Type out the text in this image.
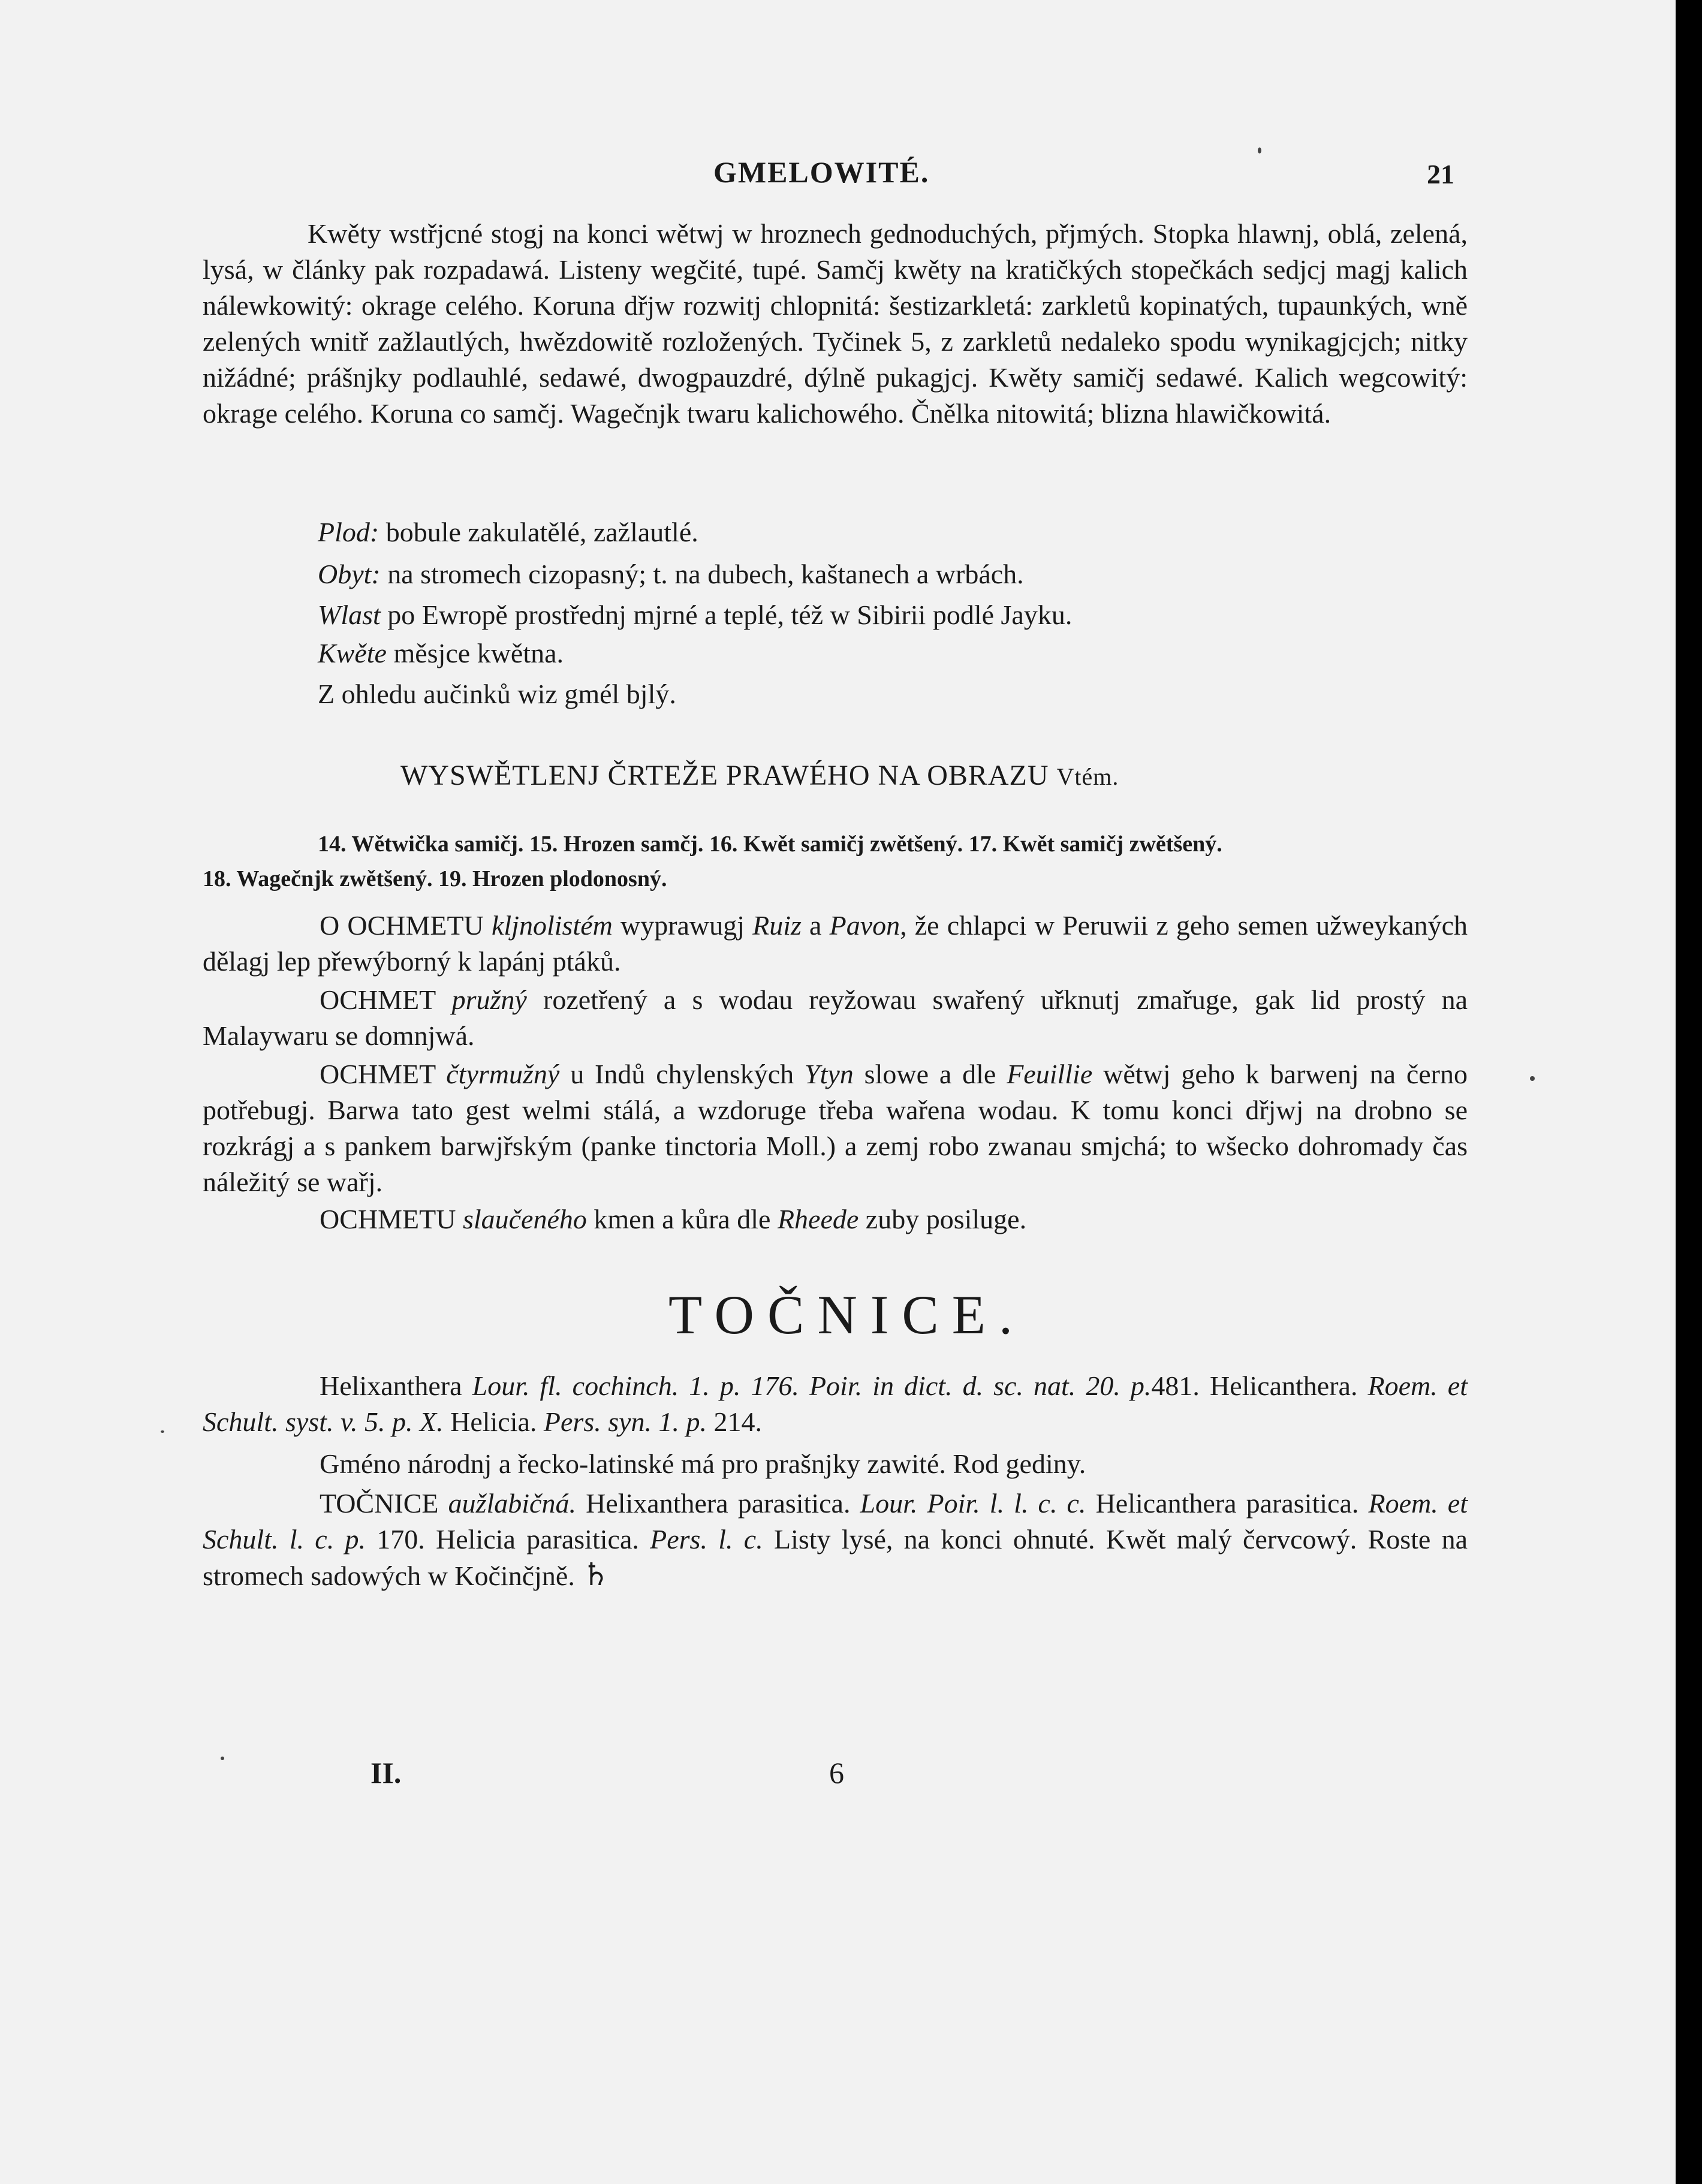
GMELOWITÉ.	21

Kwěty wstřjcné stogj na konci wětwj w hroznech gednoduchých, přjmých. Stopka hlawnj, oblá, zelená, lysá, w články pak rozpadawá. Listeny wegčité, tupé. Samčj kwěty na kratičkých stopečkách sedjcj magj kalich nálewkowitý: okrage celého. Koruna dřjw rozwitj chlopnitá: šestizarkletá: zarkletů kopinatých, tupaunkých, wně zelených wnitř zažlautlých, hwězdowitě rozložených. Tyčinek 5, z zarkletů nedaleko spodu wynikagjcjch; nitky nižádné; prášnjky podlauhlé, sedawé, dwogpauzdré, dýlně pukagjcj. Kwěty samičj sedawé. Kalich wegcowitý: okrage celého. Koruna co samčj. Wagečnjk twaru kalichowého. Čnělka nitowitá; blizna hlawičkowitá.

Plod: bobule zakulatělé, zažlautlé.
Obyt: na stromech cizopasný; t. na dubech, kaštanech a wrbách.
Wlast po Ewropě prostřednj mjrné a teplé, též w Sibirii podlé Jayku.
Kwěte měsjce kwětna.
Z ohledu aučinků wiz gmél bjlý.
WYSWĚTLENJ ČRTEŽE PRAWÉHO NA OBRAZU Vtém.
14. Wětwička samičj. 15. Hrozen samčj. 16. Kwět samičj zwětšený. 17. Kwět samičj zwětšený.
18. Wagečnjk zwětšený. 19. Hrozen plodonosný.

O OCHMETU kljnolistém wyprawugj Ruiz a Pavon, že chlapci w Peruwii z geho semen užweykaných dělagj lep přewýborný k lapánj ptáků.

OCHMET pružný rozetřený a s wodau reyžowau swařený uřknutj zmařuge, gak lid prostý na Malaywaru se domnjwá.

OCHMET čtyrmužný u Indů chylenských Ytyn slowe a dle Feuillie wětwj geho k barwenj na černo potřebugj. Barwa tato gest welmi stálá, a wzdoruge třeba wařena wodau. K tomu konci dřjwj na drobno se rozkrágj a s pankem barwjřským (panke tinctoria Moll.) a zemj robo zwanau smjchá; to wšecko dohromady čas náležitý se wařj.

OCHMETU slaučeného kmen a kůra dle Rheede zuby posiluge.

TOČNICE.

Helixanthera Lour. fl. cochinch. 1. p. 176. Poir. in dict. d. sc. nat. 20. p.481. Helicanthera. Roem. et Schult. syst. v. 5. p. X. Helicia. Pers. syn. 1. p. 214.

Gméno národnj a řecko-latinské má pro prašnjky zawité. Rod gediny.

TOČNICE aužlabičná. Helixanthera parasitica. Lour. Poir. l. l. c. c. Helicanthera parasitica. Roem. et Schult. l. c. p. 170. Helicia parasitica. Pers. l. c. Listy lysé, na konci ohnuté. Kwět malý červcowý. Roste na stromech sadowých w Kočinčjně. ♄

II.	6
